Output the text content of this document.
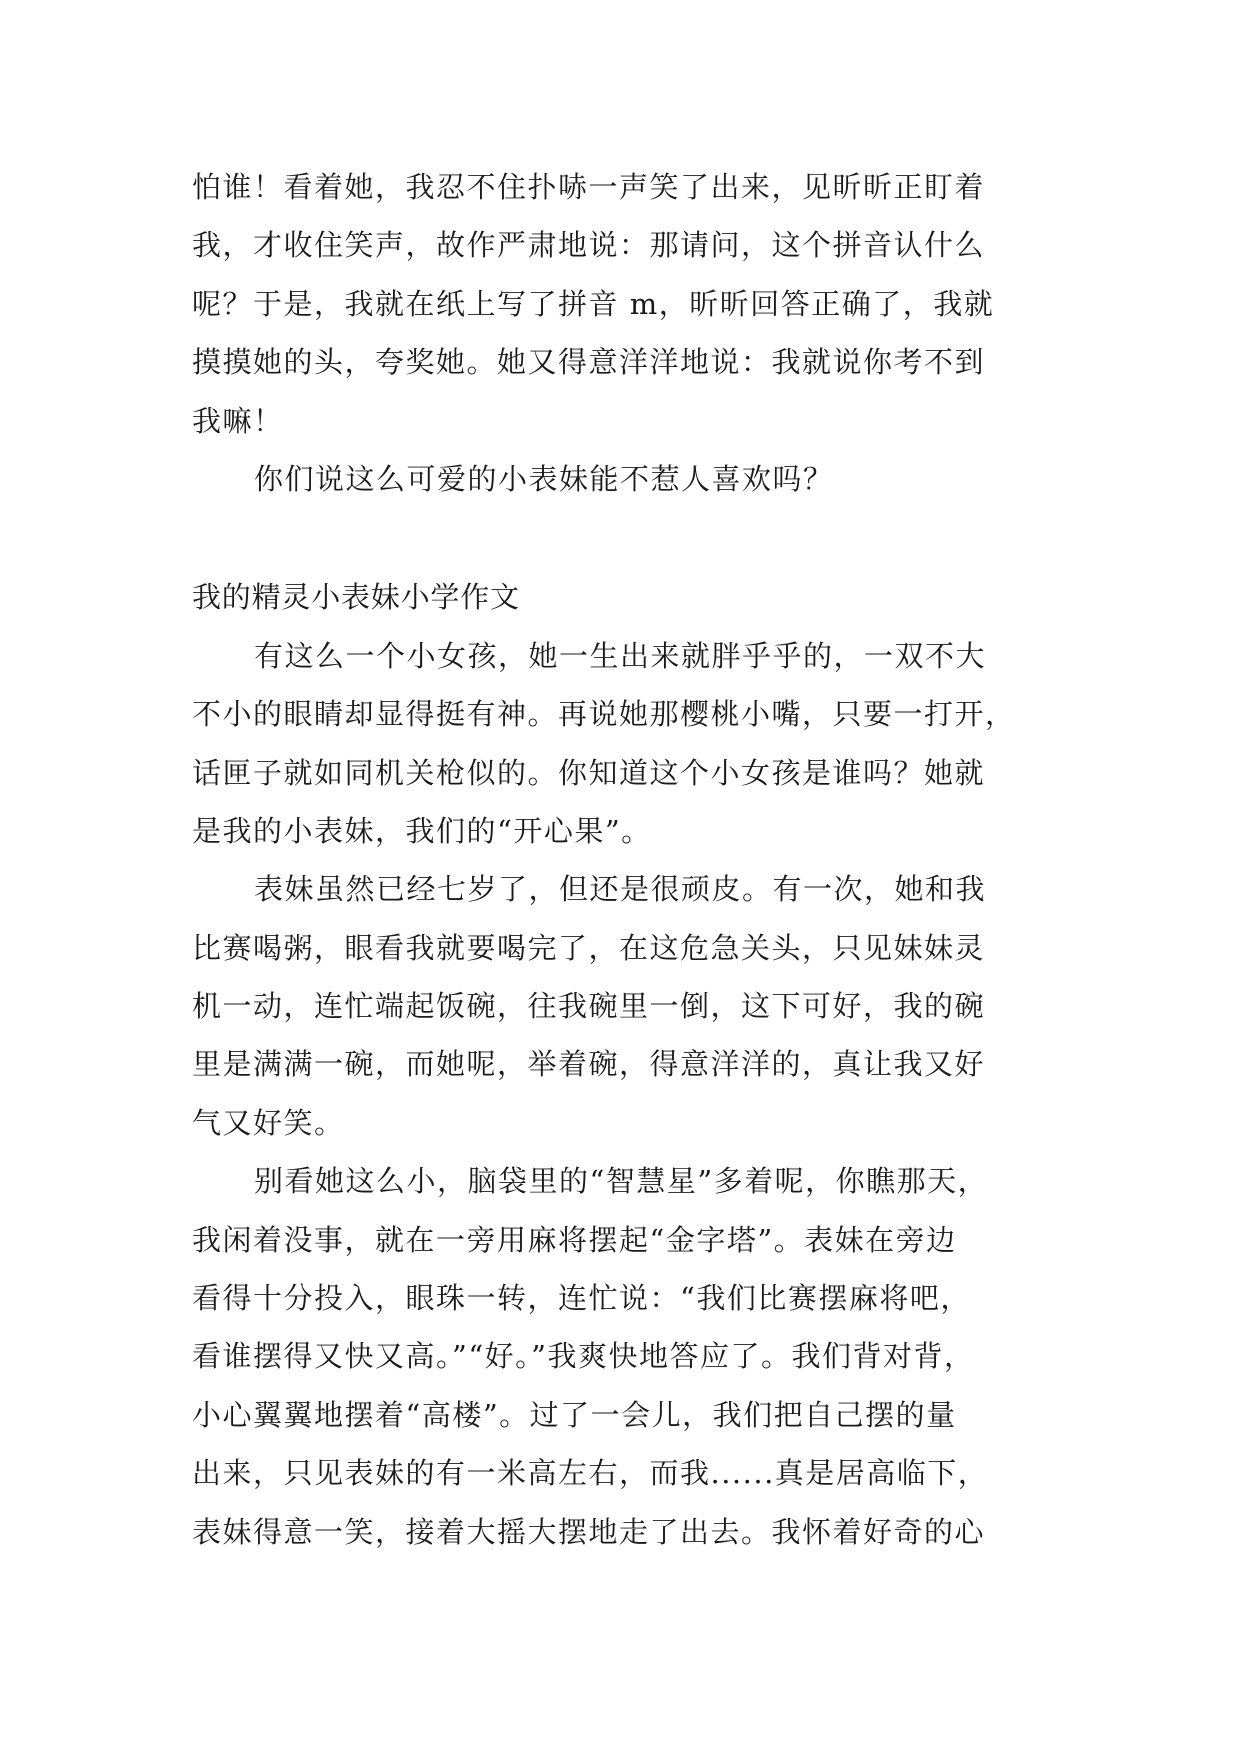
怕谁！看着她，我忍不住扑哧一声笑了出来，见昕昕正盯着
我，才收住笑声，故作严肃地说：那请问，这个拼音认什么
呢？于是，我就在纸上写了拼音 m，昕昕回答正确了，我就
摸摸她的头，夸奖她。她又得意洋洋地说：我就说你考不到
我嘛！
你们说这么可爱的小表妹能不惹人喜欢吗？
我的精灵小表妹小学作文
有这么一个小女孩，她一生出来就胖乎乎的，一双不大
不小的眼睛却显得挺有神。再说她那樱桃小嘴，只要一打开，
话匣子就如同机关枪似的。你知道这个小女孩是谁吗？她就
是我的小表妹，我们的“开心果”。
表妹虽然已经七岁了，但还是很顽皮。有一次，她和我
比赛喝粥，眼看我就要喝完了，在这危急关头，只见妹妹灵
机一动，连忙端起饭碗，往我碗里一倒，这下可好，我的碗
里是满满一碗，而她呢，举着碗，得意洋洋的，真让我又好
气又好笑。
别看她这么小，脑袋里的“智慧星”多着呢，你瞧那天，
我闲着没事，就在一旁用麻将摆起“金字塔”。表妹在旁边
看得十分投入，眼珠一转，连忙说：“我们比赛摆麻将吧，
看谁摆得又快又高。”“好。”我爽快地答应了。我们背对背，
小心翼翼地摆着“高楼”。过了一会儿，我们把自己摆的量
出来，只见表妹的有一米高左右，而我......真是居高临下，
表妹得意一笑，接着大摇大摆地走了出去。我怀着好奇的心
